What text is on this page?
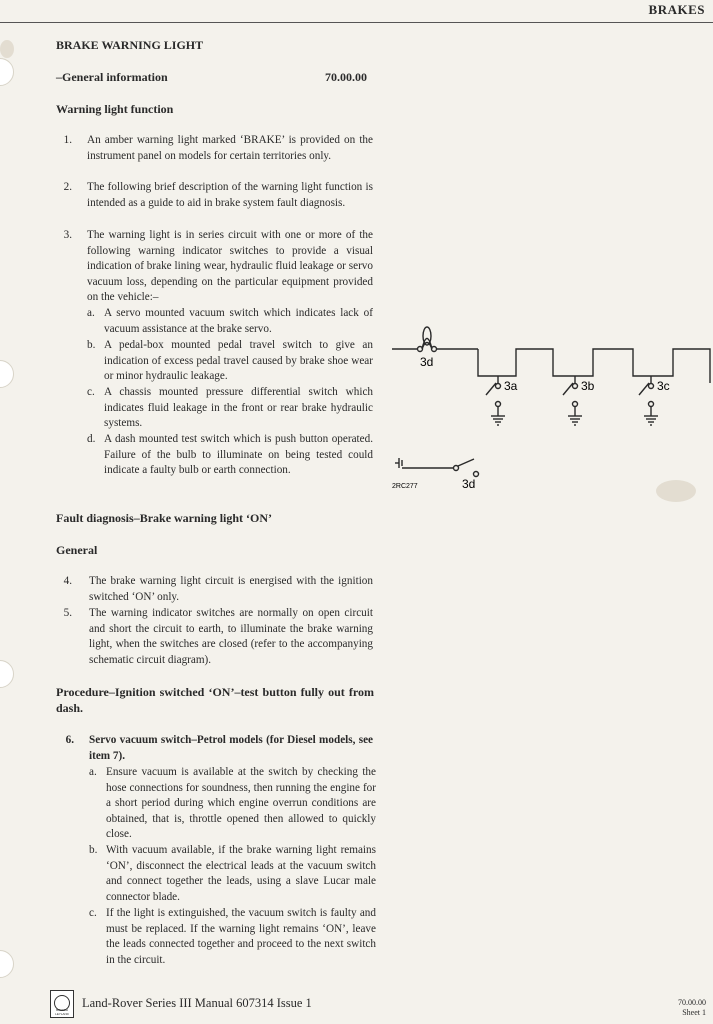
BRAKES
BRAKE WARNING LIGHT
–General information	70.00.00
Warning light function
1. An amber warning light marked ‘BRAKE’ is provided on the instrument panel on models for certain territories only.
2. The following brief description of the warning light function is intended as a guide to aid in brake system fault diagnosis.
3. The warning light is in series circuit with one or more of the following warning indicator switches to provide a visual indication of brake lining wear, hydraulic fluid leakage or servo vacuum loss, depending on the particular equipment provided on the vehicle:–
a. A servo mounted vacuum switch which indicates lack of vacuum assistance at the brake servo.
b. A pedal-box mounted pedal travel switch to give an indication of excess pedal travel caused by brake shoe wear or minor hydraulic leakage.
c. A chassis mounted pressure differential switch which indicates fluid leakage in the front or rear brake hydraulic systems.
d. A dash mounted test switch which is push button operated. Failure of the bulb to illuminate on being tested could indicate a faulty bulb or earth connection.
3d
3a	3b	3c
3d
2RC277
Fault diagnosis–Brake warning light ‘ON’
General
4. The brake warning light circuit is energised with the ignition switched ‘ON’ only.
5. The warning indicator switches are normally on open circuit and short the circuit to earth, to illuminate the brake warning light, when the switches are closed (refer to the accompanying schematic circuit diagram).
Procedure–Ignition switched ‘ON’–test button fully out from dash.
6. Servo vacuum switch–Petrol models (for Diesel models, see item 7).
a. Ensure vacuum is available at the switch by checking the hose connections for soundness, then running the engine for a short period during which engine overrun conditions are obtained, that is, throttle opened then allowed to quickly close.
b. With vacuum available, if the brake warning light remains ‘ON’, disconnect the electrical leads at the vacuum switch and connect together the leads, using a slave Lucar male connector blade.
c. If the light is extinguished, the vacuum switch is faulty and must be replaced. If the warning light remains ‘ON’, leave the leads connected together and proceed to the next switch in the circuit.
BRITISH LEYLAND
Land-Rover Series III Manual 607314 Issue 1	70.00.00
Sheet 1
